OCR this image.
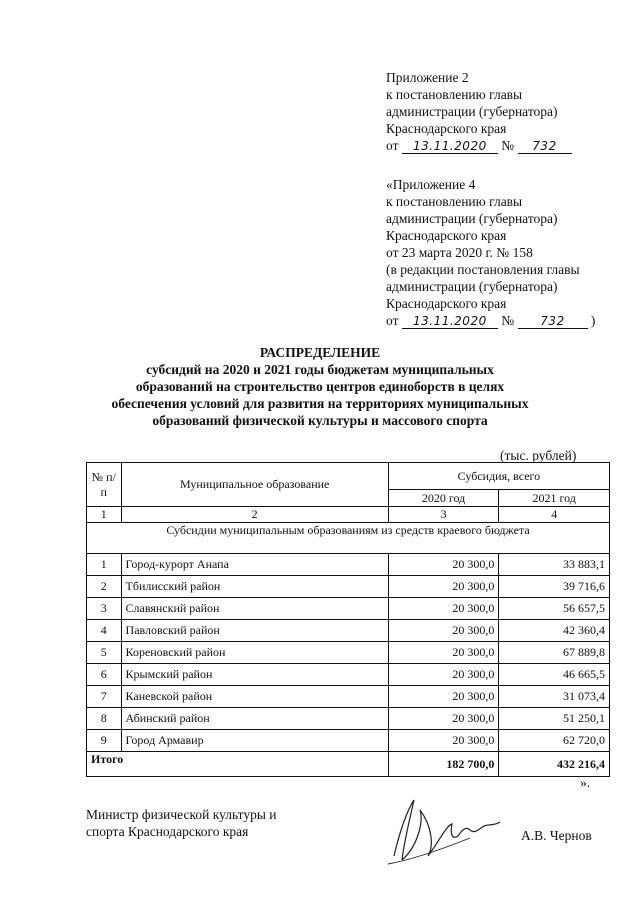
Приложение 2
к постановлению главы
администрации (губернатора)
Краснодарского края
от 13.11.2020 № 732
«Приложение 4
к постановлению главы
администрации (губернатора)
Краснодарского края
от 23 марта 2020 г. № 158
(в редакции постановления главы
администрации (губернатора)
Краснодарского края
от 13.11.2020 № 732 )
РАСПРЕДЕЛЕНИЕ
субсидий на 2020 и 2021 годы бюджетам муниципальных
образований на строительство центров единоборств в целях
обеспечения условий для развития на территориях муниципальных
образований физической культуры и массового спорта
(тыс. рублей)
№ п/п	Муниципальное образование	Субсидия, всего	
		2020 год	2021 год
1	2	3	4
Субсидии муниципальным образованиям из средств краевого бюджета			
1	Город-курорт Анапа	20 300,0	33 883,1
2	Тбилисский район	20 300,0	39 716,6
3	Славянский район	20 300,0	56 657,5
4	Павловский район	20 300,0	42 360,4
5	Кореновский район	20 300,0	67 889,8
6	Крымский район	20 300,0	46 665,5
7	Каневской район	20 300,0	31 073,4
8	Абинский район	20 300,0	51 250,1
9	Город Армавир	20 300,0	62 720,0
Итого		182 700,0	432 216,4
».
Министр физической культуры и
спорта Краснодарского края	А.В. Чернов
